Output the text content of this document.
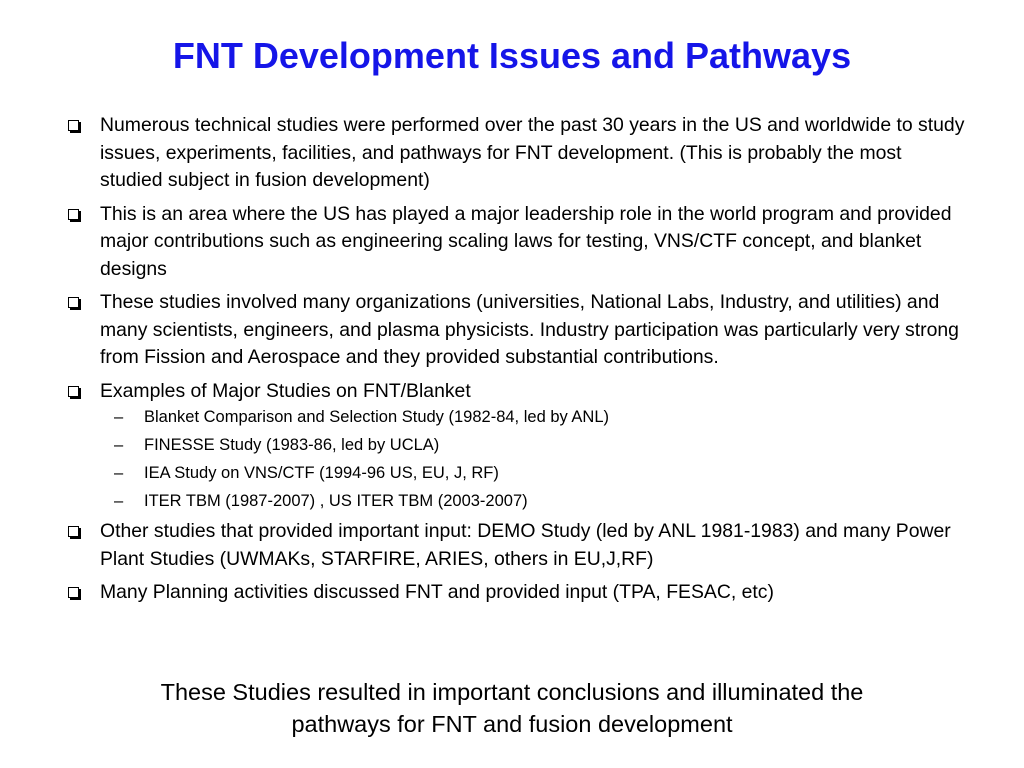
FNT Development Issues and Pathways
Numerous technical studies were performed over the past 30 years in the US and worldwide to study issues, experiments, facilities, and pathways for FNT development. (This is probably the most studied subject in fusion development)
This is an area where the US has played a major leadership role in the world program and provided major contributions such as engineering scaling laws for testing, VNS/CTF concept, and blanket designs
These studies involved many organizations (universities, National Labs, Industry, and utilities) and many scientists, engineers, and plasma physicists. Industry participation was particularly very strong from Fission and Aerospace and they provided substantial contributions.
Examples of Major Studies on FNT/Blanket
– Blanket Comparison and Selection Study (1982-84, led by ANL)
– FINESSE Study (1983-86, led by UCLA)
– IEA Study on VNS/CTF (1994-96 US, EU, J, RF)
– ITER TBM (1987-2007) , US ITER TBM (2003-2007)
Other studies that provided important input: DEMO Study (led by ANL 1981-1983) and many Power Plant Studies (UWMAKs, STARFIRE, ARIES, others in EU,J,RF)
Many Planning activities discussed FNT and provided input (TPA, FESAC, etc)
These Studies resulted in important conclusions and illuminated the
pathways for FNT and fusion development
